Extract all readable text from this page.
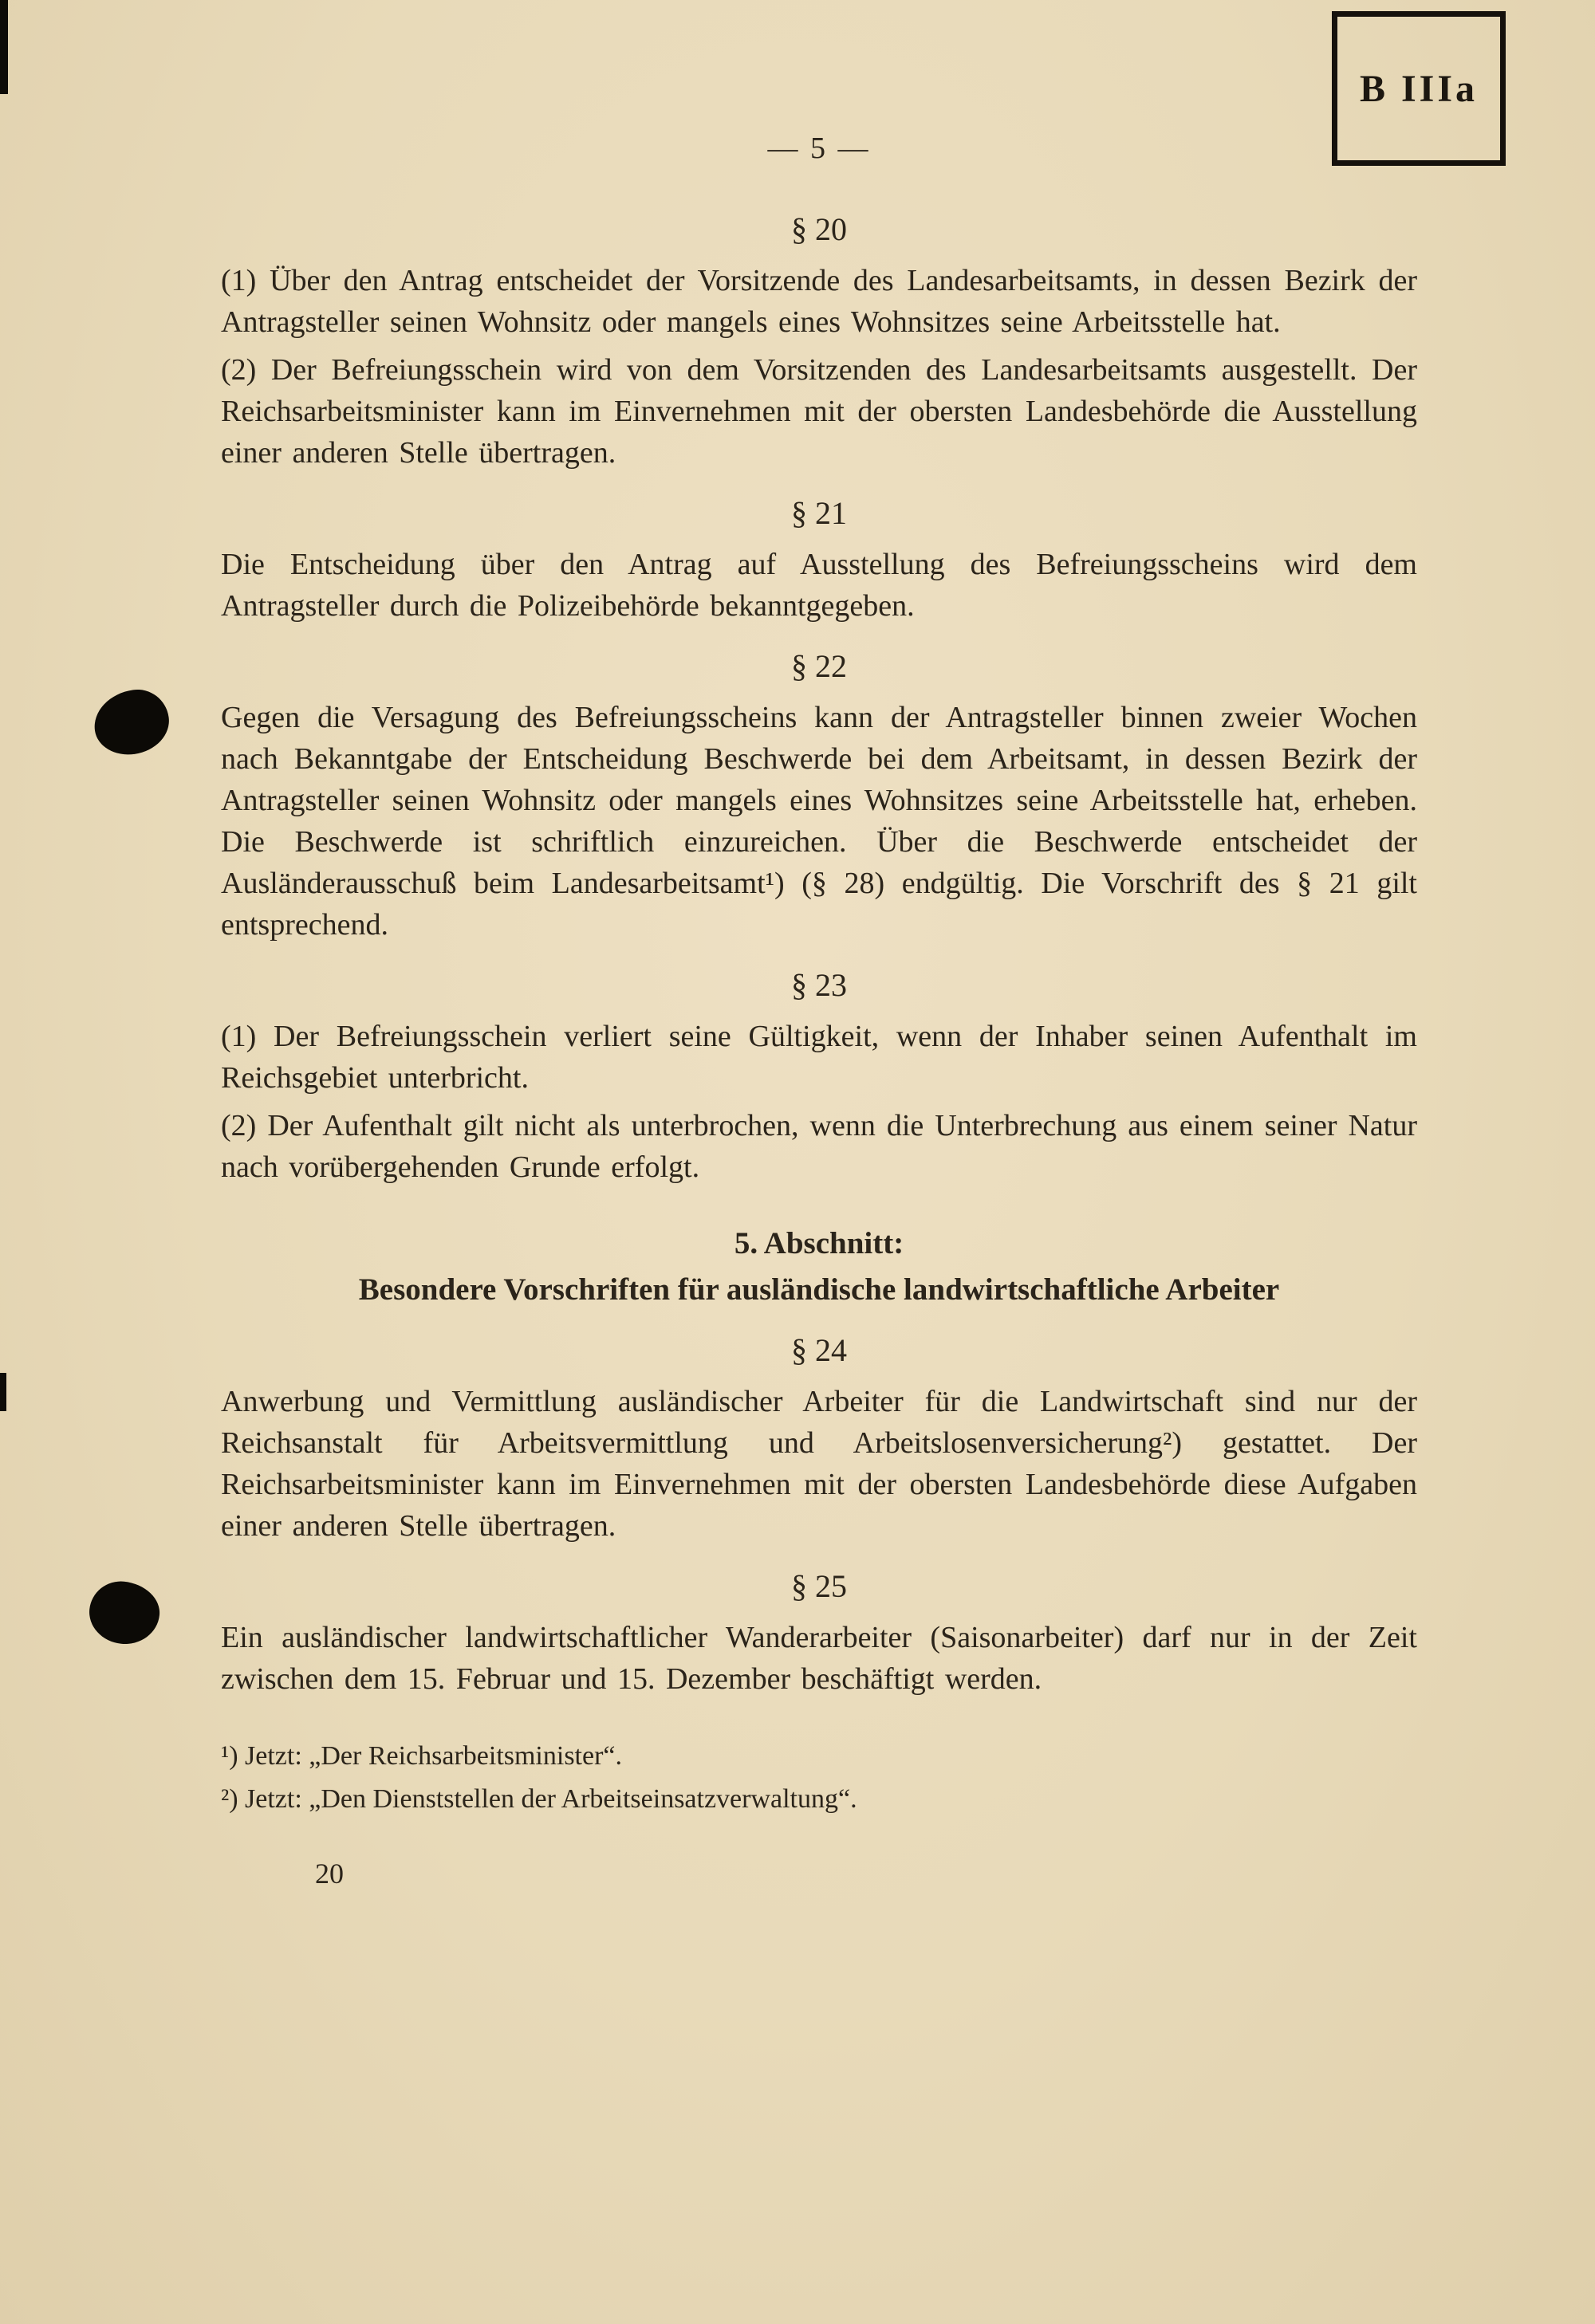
B IIIa
— 5 —
§ 20

(1) Über den Antrag entscheidet der Vorsitzende des Landesarbeitsamts, in dessen Bezirk der Antragsteller seinen Wohnsitz oder mangels eines Wohnsitzes seine Arbeitsstelle hat.

(2) Der Befreiungsschein wird von dem Vorsitzenden des Landesarbeitsamts ausgestellt. Der Reichsarbeitsminister kann im Einvernehmen mit der obersten Landesbehörde die Ausstellung einer anderen Stelle übertragen.

§ 21

Die Entscheidung über den Antrag auf Ausstellung des Befreiungsscheins wird dem Antragsteller durch die Polizeibehörde bekanntgegeben.

§ 22

Gegen die Versagung des Befreiungsscheins kann der Antragsteller binnen zweier Wochen nach Bekanntgabe der Entscheidung Beschwerde bei dem Arbeitsamt, in dessen Bezirk der Antragsteller seinen Wohnsitz oder mangels eines Wohnsitzes seine Arbeitsstelle hat, erheben. Die Beschwerde ist schriftlich einzureichen. Über die Beschwerde entscheidet der Ausländerausschuß beim Landesarbeitsamt¹) (§ 28) endgültig. Die Vorschrift des § 21 gilt entsprechend.

§ 23

(1) Der Befreiungsschein verliert seine Gültigkeit, wenn der Inhaber seinen Aufenthalt im Reichsgebiet unterbricht.

(2) Der Aufenthalt gilt nicht als unterbrochen, wenn die Unterbrechung aus einem seiner Natur nach vorübergehenden Grunde erfolgt.

5. Abschnitt:
Besondere Vorschriften für ausländische landwirtschaftliche Arbeiter
§ 24

Anwerbung und Vermittlung ausländischer Arbeiter für die Landwirtschaft sind nur der Reichsanstalt für Arbeitsvermittlung und Arbeitslosenversicherung²) gestattet. Der Reichsarbeitsminister kann im Einvernehmen mit der obersten Landesbehörde diese Aufgaben einer anderen Stelle übertragen.

§ 25

Ein ausländischer landwirtschaftlicher Wanderarbeiter (Saisonarbeiter) darf nur in der Zeit zwischen dem 15. Februar und 15. Dezember beschäftigt werden.

¹) Jetzt: „Der Reichsarbeitsminister“.
²) Jetzt: „Den Dienststellen der Arbeitseinsatzverwaltung“.
20
